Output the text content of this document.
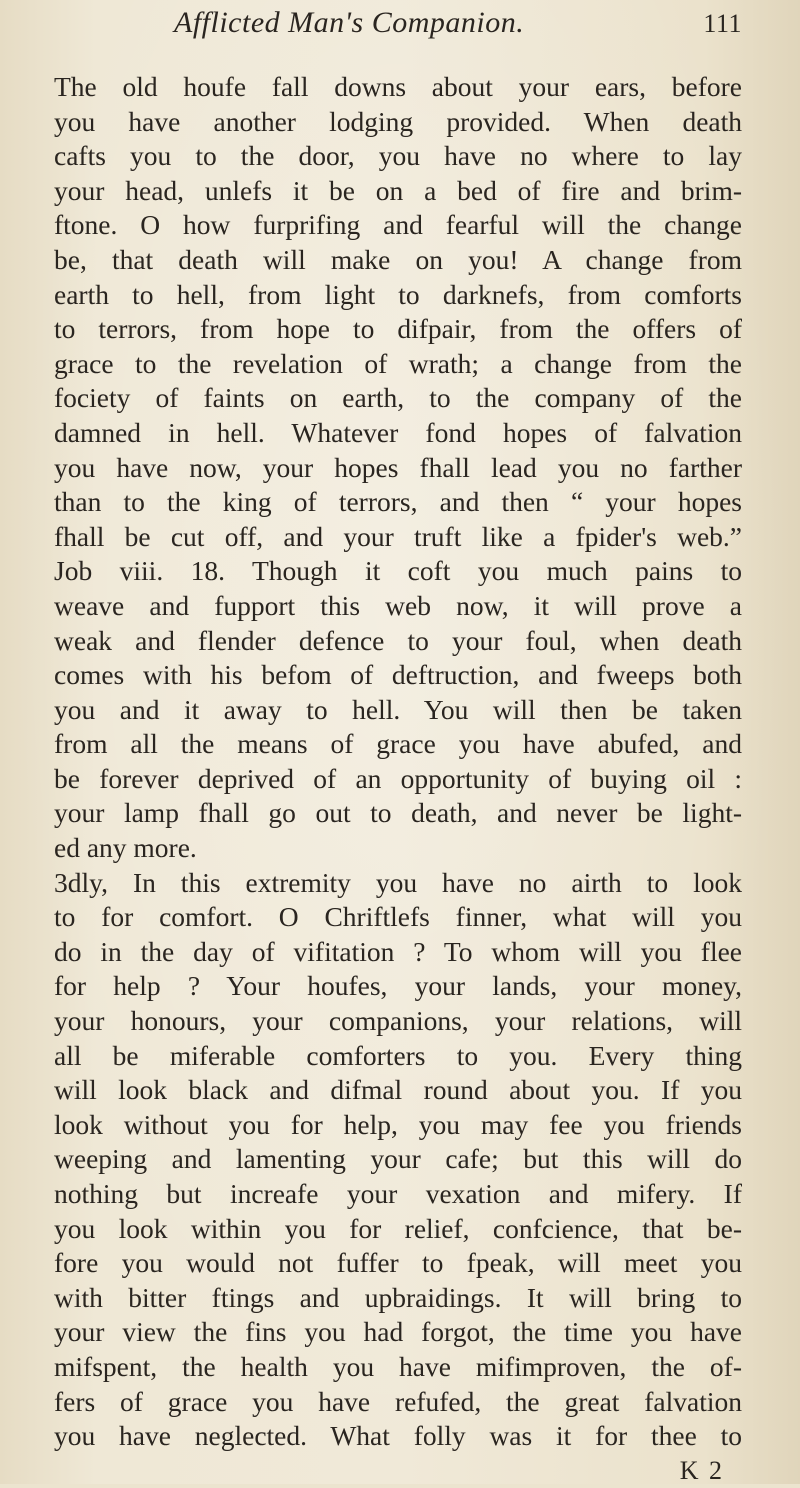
Afflicted Man's Companion.	111
The old houfe fall downs about your ears, before
you have another lodging provided. When death
cafts you to the door, you have no where to lay
your head, unlefs it be on a bed of fire and brim-
ftone. O how furprifing and fearful will the change
be, that death will make on you! A change from
earth to hell, from light to darknefs, from comforts
to terrors, from hope to difpair, from the offers of
grace to the revelation of wrath; a change from the
fociety of faints on earth, to the company of the
damned in hell. Whatever fond hopes of falvation
you have now, your hopes fhall lead you no farther
than to the king of terrors, and then “ your hopes
fhall be cut off, and your truft like a fpider's web.”
Job viii. 18. Though it coft you much pains to
weave and fupport this web now, it will prove a
weak and flender defence to your foul, when death
comes with his befom of deftruction, and fweeps both
you and it away to hell. You will then be taken
from all the means of grace you have abufed, and
be forever deprived of an opportunity of buying oil :
your lamp fhall go out to death, and never be light-
ed any more.
3dly, In this extremity you have no airth to look
to for comfort. O Chriftlefs finner, what will you
do in the day of vifitation ? To whom will you flee
for help ? Your houfes, your lands, your money,
your honours, your companions, your relations, will
all be miferable comforters to you. Every thing
will look black and difmal round about you. If you
look without you for help, you may fee you friends
weeping and lamenting your cafe; but this will do
nothing but increafe your vexation and mifery. If
you look within you for relief, confcience, that be-
fore you would not fuffer to fpeak, will meet you
with bitter ftings and upbraidings. It will bring to
your view the fins you had forgot, the time you have
mifspent, the health you have mifimproven, the of-
fers of grace you have refufed, the great falvation
you have neglected. What folly was it for thee to
K 2
